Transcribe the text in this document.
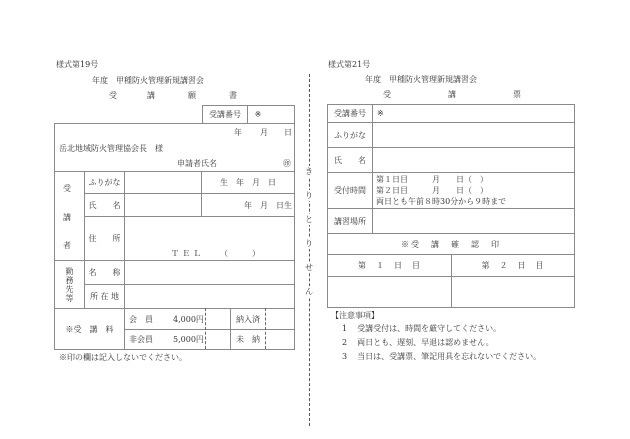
様式第19号
年度　甲種防火管理新規講習会
受	講	願	書
受講番号	※
年 月 日
岳北地域防火管理協会長　様
申請者氏名	㊞
受
講
者
ふりがな	生　年　月　日
氏　　名	年　月　日生
住　　所
ＴＥＬ （　　　）
勤務先等	名　　称
所 在 地
※受　講　料
会　員	4,000円	納入済
非会員	5,000円	未　納
※印の欄は記入しないでください。
き
り
と
り
せ
ん
様式第21号
年度　甲種防火管理新規講習会
受	講	票
受講番号	※
ふりがな
氏　　名
受付時間
第１日目　　　月　　日（　）
第２日目　　　月　　日（　）
両日とも午前８時30分から９時まで
講習場所
※受　講　確　認　印
第　１　日　目	第　２　日　目
【注意事項】
1 受講受付は、時間を厳守してください。
2 両日とも、遅刻、早退は認めません。
3 当日は、受講票、筆記用具を忘れないでください。
